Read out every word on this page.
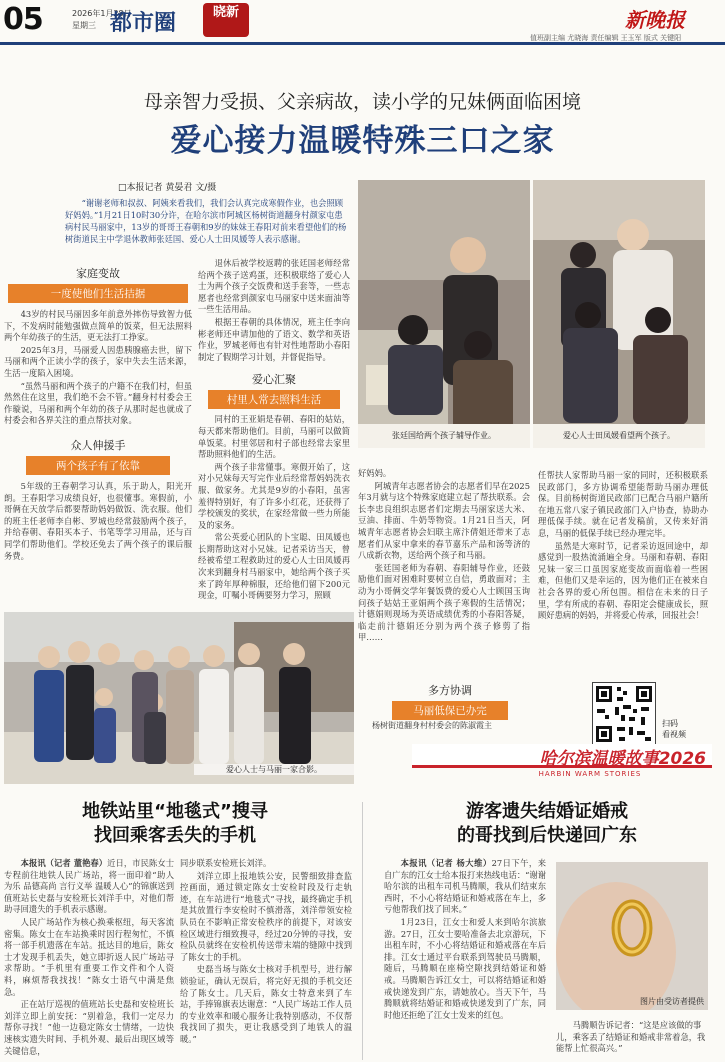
05	2026年1月28日
星期三 都市圈	晓新	新晚报
值班副主编 尤晓海 责任编辑 王玉军 版式 关键阳
母亲智力受损、父亲病故，读小学的兄妹俩面临困境
爱心接力温暖特殊三口之家
□本报记者 黄晏君 文/摄
“谢谢老师和叔叔、阿姨来看我们，我们会认真完成寒假作业，也会照顾好妈妈。”1月21日10时30分许，在哈尔滨市阿城区杨树街道翻身村颜家屯患病村民马丽家中，13岁的哥哥王春朝和9岁的妹妹王春阳对前来看望他们的杨树街道民主中学退休教师张廷国、爱心人士田凤媛等人表示感谢。
家庭变故
一度使他们生活拮据

43岁的村民马丽因多年前意外摔伤导致智力低下，不发病时能勉强做点简单的饭菜，但无法照料两个年幼孩子的生活，更无法打工挣家。

2025年3月，马丽爱人因患胰腺癌去世，留下马丽和两个正读小学的孩子，家中失去生活来源，生活一度陷入困境。

“虽然马丽和两个孩子的户籍不在我们村，但虽然然住在这里，我们绝不会不管。”翻身村村委会王作璇说，马丽和两个年幼的孩子从那时起也就成了村委会和各界关注的重点帮扶对象。

众人伸援手
两个孩子有了依靠

5年级的王春朝学习认真，乐于助人，阳光开朗。王春阳学习成绩良好，也很懂事。寒假前，小哥俩在天放学后都要帮助妈妈做饭、洗衣服。他们的班主任老师李自彬、罗城也经常鼓励两个孩子，并给春朝、春阳买本子、书笔等学习用品，还与百同学们帮助他们。学校还免去了两个孩子的课后服务费。

退休后被学校返聘的张廷国老师经常给两个孩子送鸡蛋，还积极联络了爱心人士为两个孩子交饭费和送手套等，一些志愿者也经常到颜家屯马丽家中送来面油等一些生活用品。

根据王春朝的具体情况，班主任李向彬老师还申请加他的了语文、数学和英语作业，罗城老师也有针对性地帮助小春阳制定了假期学习计划，并督促指导。

爱心汇聚
村里人常去照料生活

同村的王亚娟是春朝、春阳的姑姑，每天都来帮助他们。目前，马丽可以做简单饭菜。村里邻居和村子部也经常去家里帮助照料他们的生活。

两个孩子非常懂事。寒假开始了，这对小兄妹每天写完作业后经常帮妈妈洗衣服、做家务。尤其是9岁的小春阳，虽害羞得特别好，有了许多小红花，还获得了学校颁发的奖状，在家经常做一些力所能及的家务。

常公英爱心团队的卜宝聪、田凤媛也长期帮助这对小兄妹。记者采访当天，曾经被希望工程救助过的爱心人士田凤媛再次来到翻身村马丽家中，她给两个孩子买来了跨年厚种棉服，还给他们留下200元现金，叮嘱小哥俩要努力学习，照顾

张廷国给两个孩子辅导作业。	爱心人士田凤媛看望两个孩子。
爱心人士与马丽一家合影。

好妈妈。

阿城青年志愿者协会的志愿者们早在2025年3月就与这个特殊家庭建立起了帮扶联系。会长李忠良组织志愿者们定期去马丽家送大米、豆油、排面、牛奶等物资。1月21日当天，阿城青年志愿者协会妇联主席汴倩姐还带来了志愿者们从家中拿来的春节嘉乐产品和汤等济的八成新衣物，送给两个孩子和马丽。

张廷国老师为春朝、春阳辅导作业，还鼓励他们面对困难时要树立自信，勇敢面对；主动为小哥俩交学年餐饭费的爱心人士顾国玉询问孩子姑姑王亚娟两个孩子寒假的生活情况；计德娟则现场为英语成绩优秀的小春阳答疑，临走前汁德娟还分别为两个孩子修剪了指甲……

多方协调
马丽低保已办完
杨树街道翻身村村委会的陈淑霞主

任帮扶人家帮助马丽一家的同时，还积极联系民政部门，多方协调希望能帮助马丽办理低保。目前杨树街道民政部门已配合马丽户籍所在地五常八家子镇民政部门入户协查，协助办理低保手续。就在记者发稿前，又传来好消息，马丽的低保手续已经办理完毕。

虽然是大寒时节，记者采访返回途中，却感觉到一股热流涌遍全身。马丽和春朝、春阳兄妹一家三口虽因家庭变故而面临着一些困难，但他们又是幸运的，因为他们正在被来自社会各界的爱心所包围。相信在未来的日子里，学有所成的春朝、春阳定会健康成长，照顾好患病的妈妈，并将爱心传承，回报社会！

扫码
看视频
哈尔滨温暖故事2026
HARBIN WARM STORIES
地铁站里“地毯式”搜寻
找回乘客丢失的手机

本报讯（记者 董艳春）近日，市民陈女士专程前往地铁人民广场站，将一面印着“助人为乐 品德高尚 言行义举 温暖人心”的锦旗送到值班站长史磊与安检班长刘洋手中，对他们帮助寻回遗失的手机表示感谢。

人民广场站作为核心换乘枢纽，每天客流密集。陈女士在车站换乘时因行程匆忙，不慎将一部手机遗落在车站。抵达目的地后，陈女士才发现手机丢失，她立即折返人民广场站寻求帮助。“手机里有重要工作文件和个人资料，麻烦帮我找找！”陈女士语气中满是焦急。

正在站厅巡视的值班站长史磊和安检班长刘洋立即上前安抚：“别着急，我们一定尽力帮你寻找！”他一边稳定陈女士情绪，一边快速核实遗失时间、手机外观、最后出现区域等关键信息，

同步联系安检班长刘洋。

刘洋立即上报地铁公安，民警细致排查监控画面，通过锁定陈女士安检时段及行走轨迹，在车站进行“地毯式”寻找，最终确定手机是其放置行李安检时不慎滑落，刘洋带领安检队员在不影响正常安检秩序的前提下，对该安检区域进行细致搜寻，经过20分钟的寻找，安检队员就终在安检机传送带末端的缝隙中找到了陈女士的手机。

史磊当场与陈女士核对手机型号，进行解锁验证，确认无误后，将完好无损的手机交还给了陈女士。几天后，陈女士特意来到了车站，手捧锦旗表达谢意：“人民广场站工作人员的专业效率和暖心服务让我特别感动，不仅帮我找回了损失，更让我感受到了地铁人的温暖。”

游客遗失结婚证婚戒
的哥找到后快递回广东

本报讯（记者 杨大维）27日下午，来自广东的江女士给本报打来热线电话：“谢谢哈尔滨的出租车司机马腾顺，我从们结束东西时，不小心将结婚证和婚戒落在车上，多亏他帮我们找了回来。”

1月23日，江女士和爱人来到哈尔滨旅游。27日，江女士要哈准备去北京游玩，下出租车时，不小心将结婚证和婚戒落在车后排。江女士通过平台联系到驾驶员马腾顺，随后，马腾顺在座椅空隙找到结婚证和婚戒。马腾顺告诉江女士，可以将结婚证和婚戒快递发到广东，请她放心。当天下午，马腾顺就将结婚证和婚戒快递发到了广东，同时他还拒绝了江女士发来的红包。

图片由受访者提供
马腾顺告诉记者：“这是应该做的事儿，乘客丢了结婚证和婚戒非常着急，我能帮上忙很高兴。”
